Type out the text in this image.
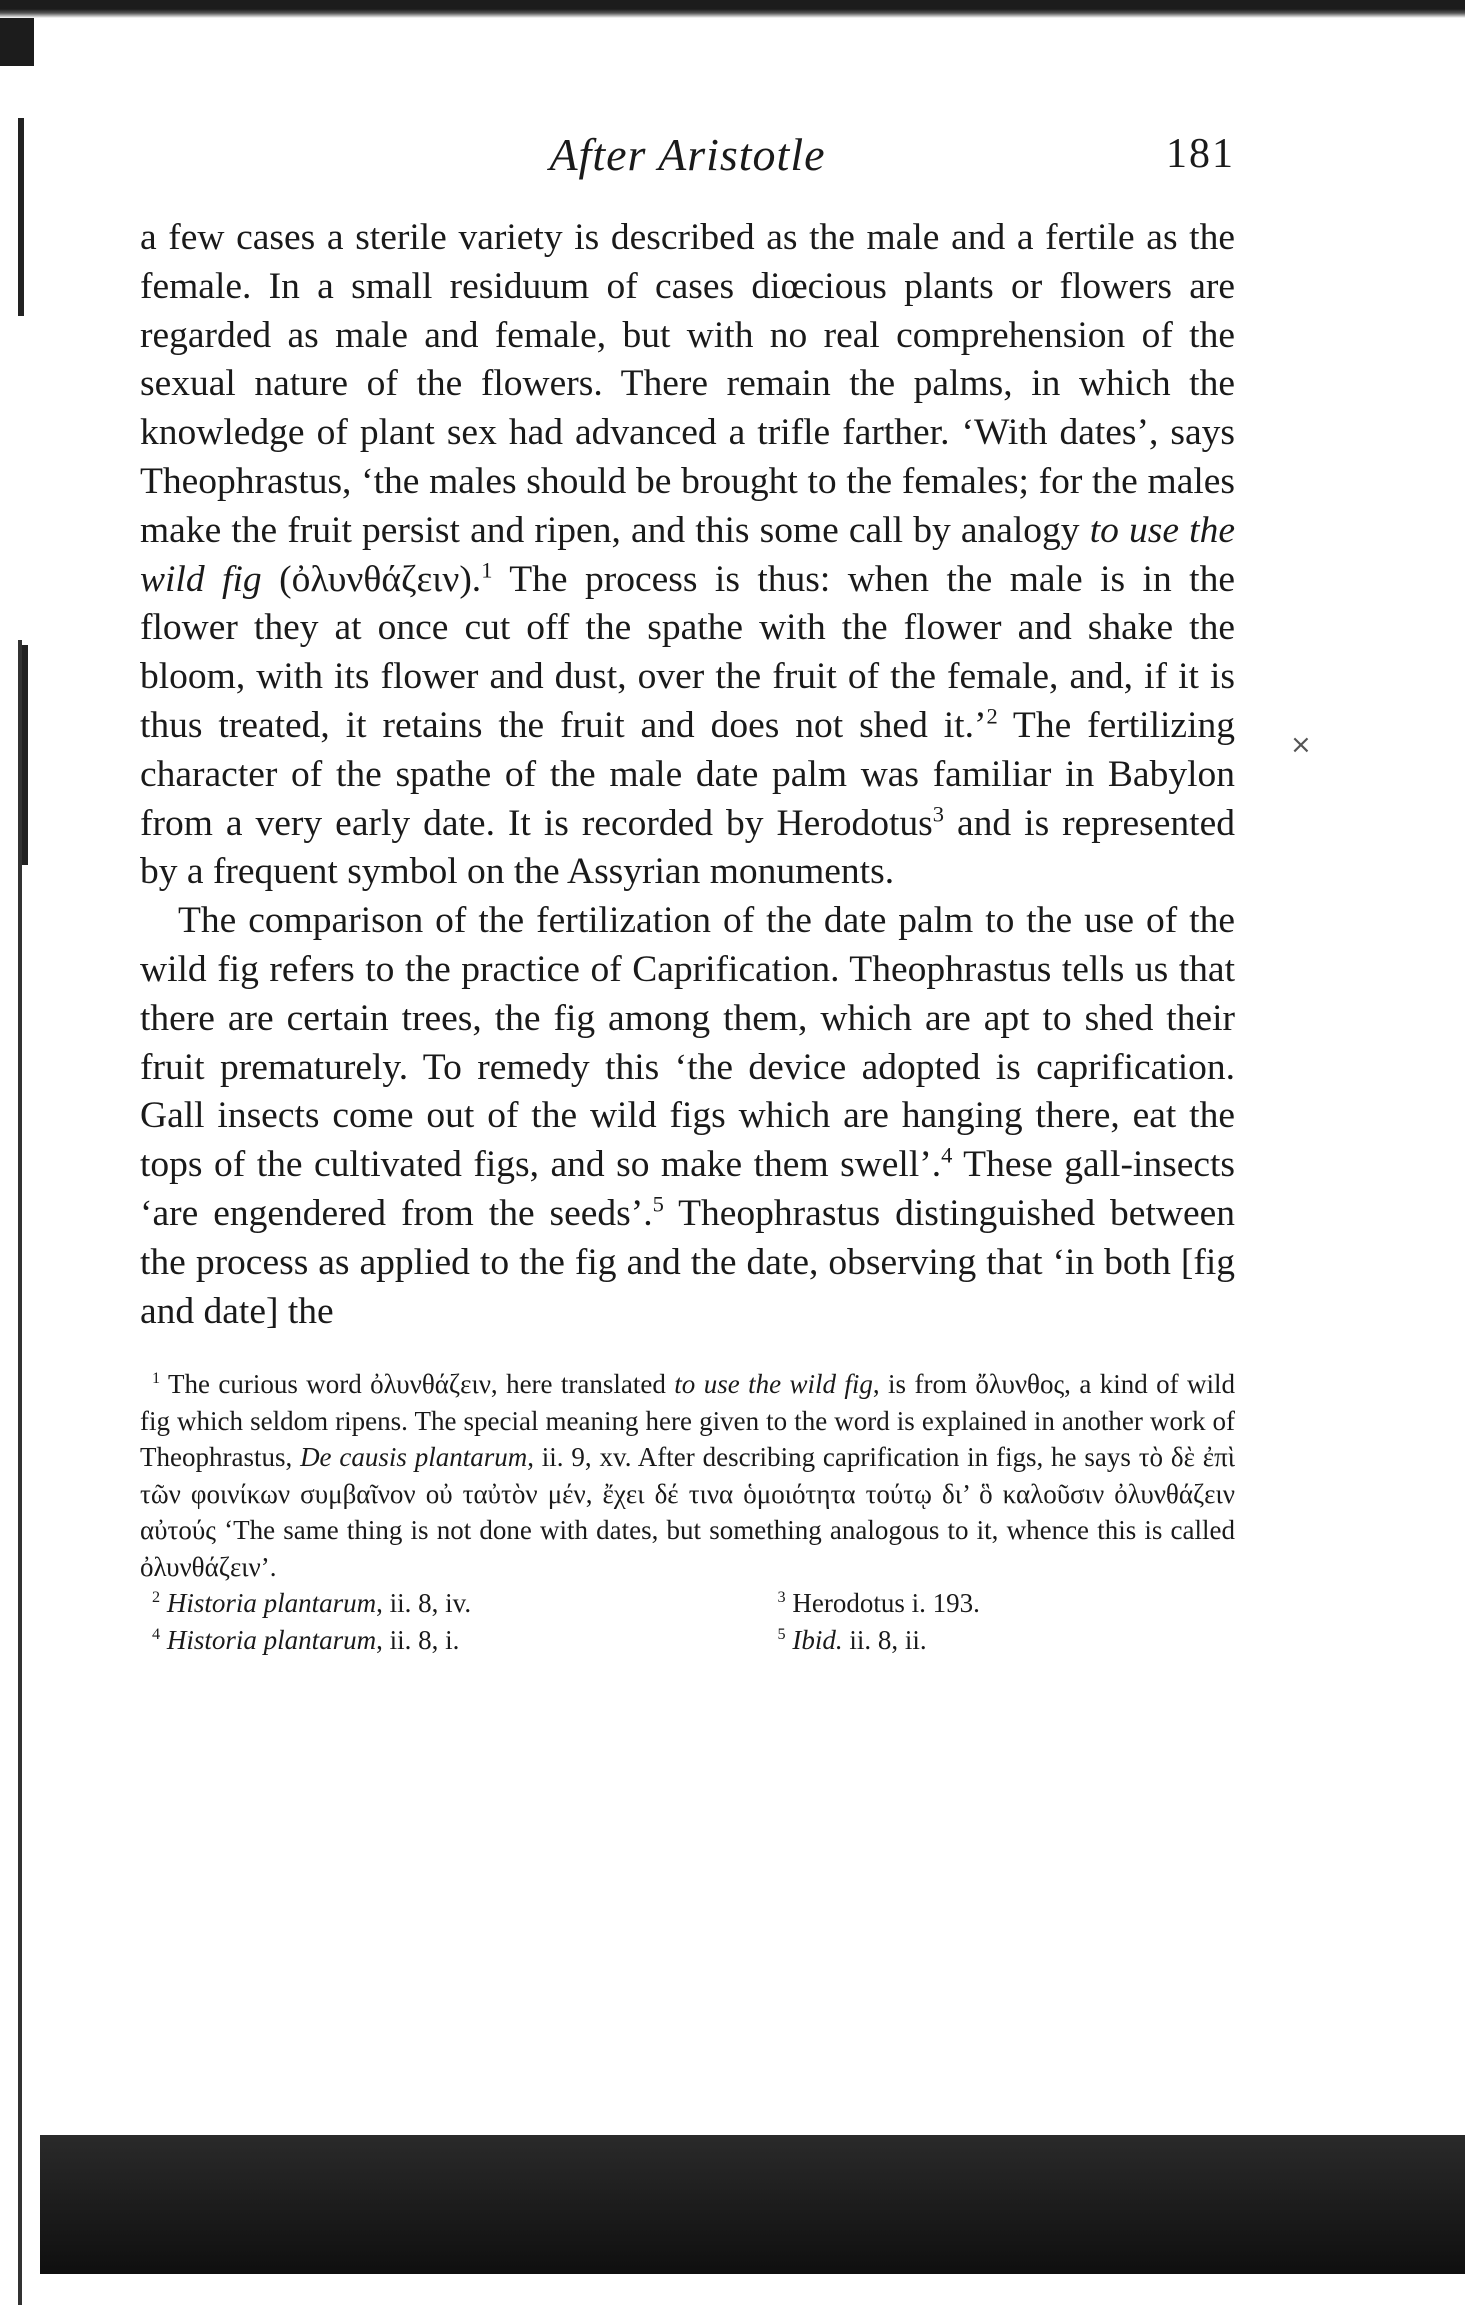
×
After Aristotle	181

a few cases a sterile variety is described as the male and a fertile as the female. In a small residuum of cases diœcious plants or flowers are regarded as male and female, but with no real comprehension of the sexual nature of the flowers. There remain the palms, in which the knowledge of plant sex had advanced a trifle farther. ‘With dates’, says Theophrastus, ‘the males should be brought to the females; for the males make the fruit persist and ripen, and this some call by analogy to use the wild fig (ὀλυνθάζειν).$^1$ The process is thus: when the male is in the flower they at once cut off the spathe with the flower and shake the bloom, with its flower and dust, over the fruit of the female, and, if it is thus treated, it retains the fruit and does not shed it.’$^2$ The fertilizing character of the spathe of the male date palm was familiar in Babylon from a very early date. It is recorded by Herodotus$^3$ and is represented by a frequent symbol on the Assyrian monuments.

The comparison of the fertilization of the date palm to the use of the wild fig refers to the practice of Caprification. Theophrastus tells us that there are certain trees, the fig among them, which are apt to shed their fruit prematurely. To remedy this ‘the device adopted is caprification. Gall insects come out of the wild figs which are hanging there, eat the tops of the cultivated figs, and so make them swell’.$^4$ These gall-insects ‘are engendered from the seeds’.$^5$ Theophrastus distinguished between the process as applied to the fig and the date, observing that ‘in both [fig and date] the

$^1$ The curious word ὀλυνθάζειν, here translated to use the wild fig, is from ὄλυνθος, a kind of wild fig which seldom ripens. The special meaning here given to the word is explained in another work of Theophrastus, De causis plantarum, ii. 9, xv. After describing caprification in figs, he says τὸ δὲ ἐπὶ τῶν φοινίκων συμβαῖνον οὐ ταὐτὸν μέν, ἔχει δέ τινα ὁμοιότητα τούτῳ δι’ ὃ καλοῦσιν ὀλυνθάζειν αὐτούς ‘The same thing is not done with dates, but something analogous to it, whence this is called ὀλυνθάζειν’.

$^2$ Historia plantarum, ii. 8, iv.	$^3$ Herodotus i. 193.
$^4$ Historia plantarum, ii. 8, i.	$^5$ Ibid. ii. 8, ii.
